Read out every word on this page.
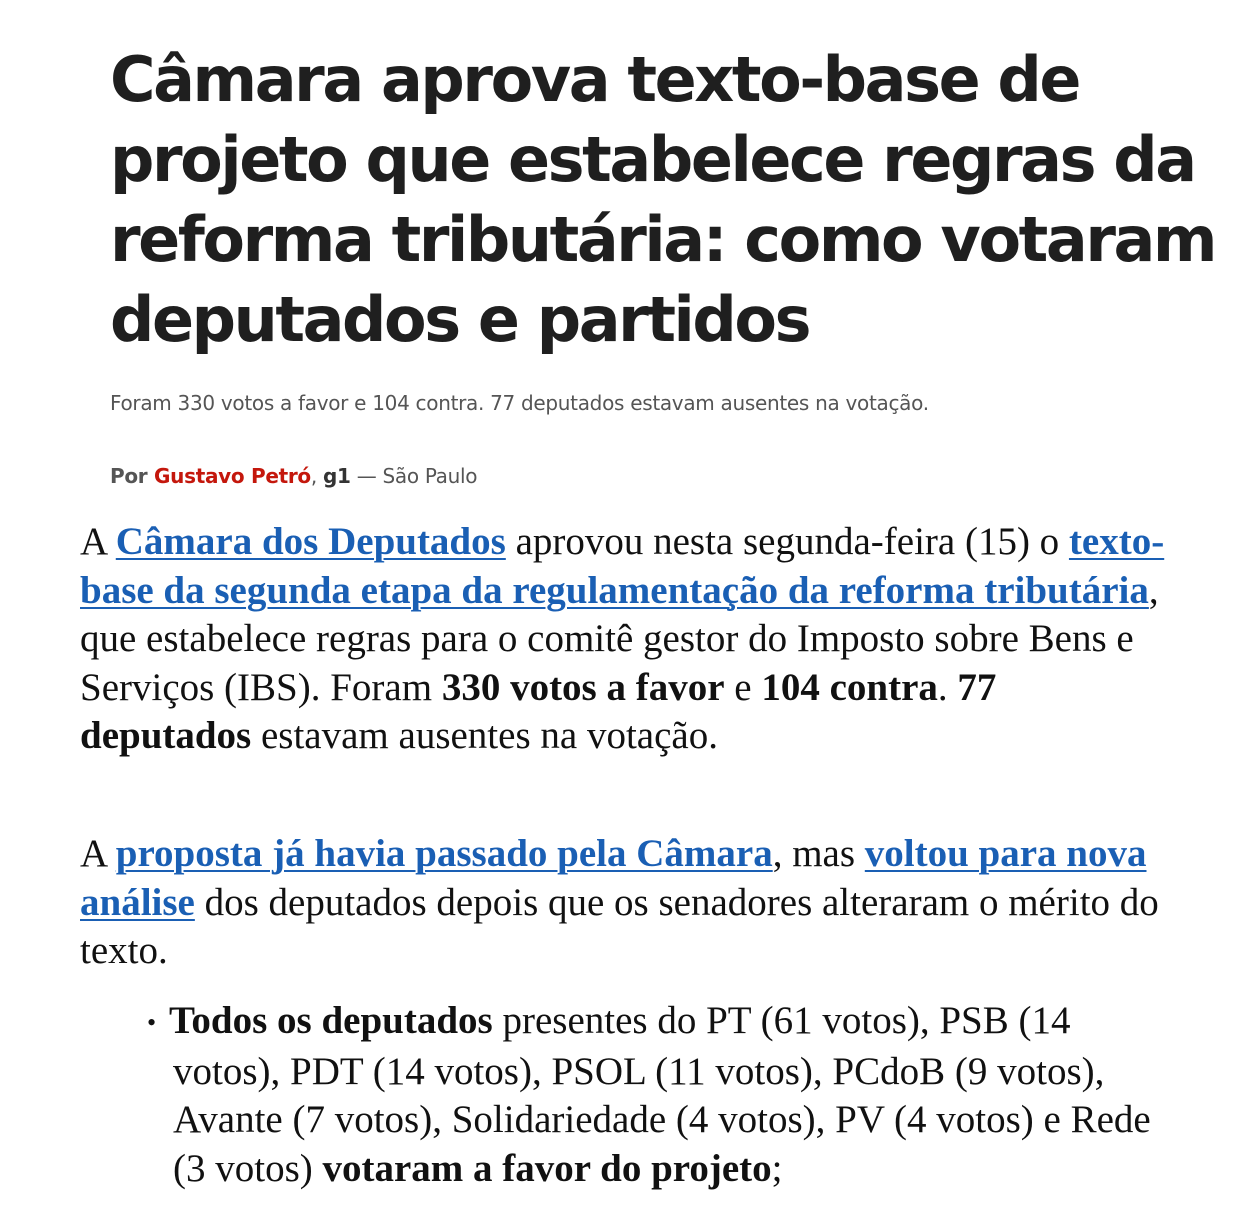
Câmara aprova texto-base de projeto que estabelece regras da reforma tributária: como votaram deputados e partidos

Foram 330 votos a favor e 104 contra. 77 deputados estavam ausentes na votação.

Por Gustavo Petró, g1 — São Paulo

A Câmara dos Deputados aprovou nesta segunda-feira (15) o texto-base da segunda etapa da regulamentação da reforma tributária, que estabelece regras para o comitê gestor do Imposto sobre Bens e Serviços (IBS). Foram 330 votos a favor e 104 contra. 77 deputados estavam ausentes na votação.

A proposta já havia passado pela Câmara, mas voltou para nova análise dos deputados depois que os senadores alteraram o mérito do texto.

• Todos os deputados presentes do PT (61 votos), PSB (14 votos), PDT (14 votos), PSOL (11 votos), PCdoB (9 votos), Avante (7 votos), Solidariedade (4 votos), PV (4 votos) e Rede (3 votos) votaram a favor do projeto;
